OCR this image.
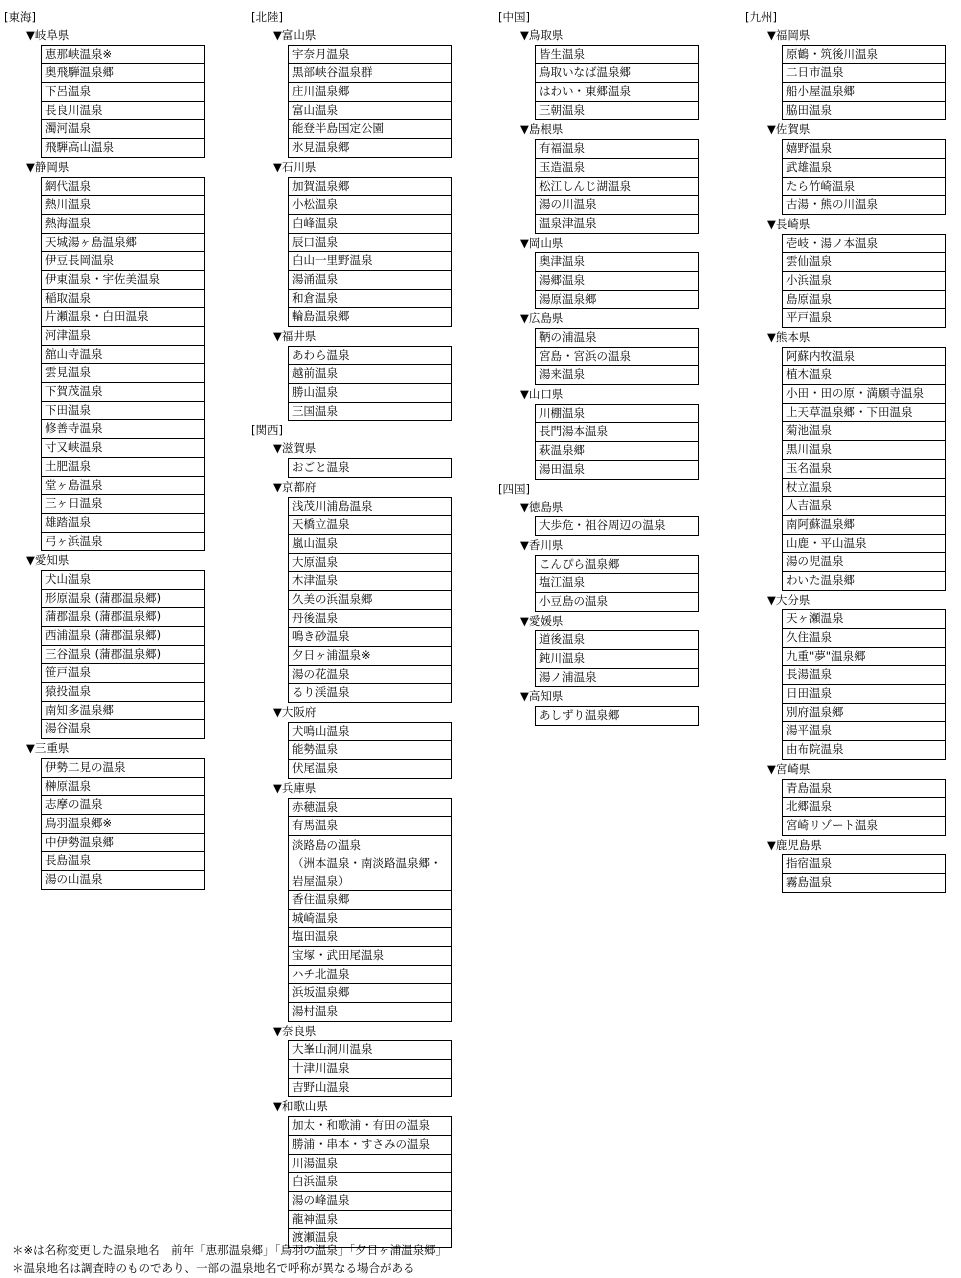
[東海]
▼岐阜県
恵那峡温泉※
奥飛騨温泉郷
下呂温泉
長良川温泉
濁河温泉
飛騨高山温泉
▼静岡県
網代温泉
熱川温泉
熱海温泉
天城湯ヶ島温泉郷
伊豆長岡温泉
伊東温泉・宇佐美温泉
稲取温泉
片瀬温泉・白田温泉
河津温泉
舘山寺温泉
雲見温泉
下賀茂温泉
下田温泉
修善寺温泉
寸又峡温泉
土肥温泉
堂ヶ島温泉
三ヶ日温泉
雄踏温泉
弓ヶ浜温泉
▼愛知県
犬山温泉
形原温泉 (蒲郡温泉郷)
蒲郡温泉 (蒲郡温泉郷)
西浦温泉 (蒲郡温泉郷)
三谷温泉 (蒲郡温泉郷)
笹戸温泉
猿投温泉
南知多温泉郷
湯谷温泉
▼三重県
伊勢二見の温泉
榊原温泉
志摩の温泉
鳥羽温泉郷※
中伊勢温泉郷
長島温泉
湯の山温泉
[北陸]
▼富山県
宇奈月温泉
黒部峡谷温泉群
庄川温泉郷
富山温泉
能登半島国定公園
氷見温泉郷
▼石川県
加賀温泉郷
小松温泉
白峰温泉
辰口温泉
白山一里野温泉
湯涌温泉
和倉温泉
輪島温泉郷
▼福井県
あわら温泉
越前温泉
勝山温泉
三国温泉
[関西]
▼滋賀県
おごと温泉
▼京都府
浅茂川浦島温泉
天橋立温泉
嵐山温泉
大原温泉
木津温泉
久美の浜温泉郷
丹後温泉
鳴き砂温泉
夕日ヶ浦温泉※
湯の花温泉
るり渓温泉
▼大阪府
犬鳴山温泉
能勢温泉
伏尾温泉
▼兵庫県
赤穂温泉
有馬温泉
淡路島の温泉
（洲本温泉・南淡路温泉郷・
岩屋温泉）
香住温泉郷
城崎温泉
塩田温泉
宝塚・武田尾温泉
ハチ北温泉
浜坂温泉郷
湯村温泉
▼奈良県
大峯山洞川温泉
十津川温泉
吉野山温泉
▼和歌山県
加太・和歌浦・有田の温泉
勝浦・串本・すさみの温泉
川湯温泉
白浜温泉
湯の峰温泉
龍神温泉
渡瀬温泉
[中国]
▼鳥取県
皆生温泉
鳥取いなば温泉郷
はわい・東郷温泉
三朝温泉
▼島根県
有福温泉
玉造温泉
松江しんじ湖温泉
湯の川温泉
温泉津温泉
▼岡山県
奥津温泉
湯郷温泉
湯原温泉郷
▼広島県
鞆の浦温泉
宮島・宮浜の温泉
湯来温泉
▼山口県
川棚温泉
長門湯本温泉
萩温泉郷
湯田温泉
[四国]
▼徳島県
大歩危・祖谷周辺の温泉
▼香川県
こんぴら温泉郷
塩江温泉
小豆島の温泉
▼愛媛県
道後温泉
鈍川温泉
湯ノ浦温泉
▼高知県
あしずり温泉郷
[九州]
▼福岡県
原鶴・筑後川温泉
二日市温泉
船小屋温泉郷
脇田温泉
▼佐賀県
嬉野温泉
武雄温泉
たら竹崎温泉
古湯・熊の川温泉
▼長崎県
壱岐・湯ノ本温泉
雲仙温泉
小浜温泉
島原温泉
平戸温泉
▼熊本県
阿蘇内牧温泉
植木温泉
小田・田の原・満願寺温泉
上天草温泉郷・下田温泉
菊池温泉
黒川温泉
玉名温泉
杖立温泉
人吉温泉
南阿蘇温泉郷
山鹿・平山温泉
湯の児温泉
わいた温泉郷
▼大分県
天ヶ瀬温泉
久住温泉
九重"夢"温泉郷
長湯温泉
日田温泉
別府温泉郷
湯平温泉
由布院温泉
▼宮崎県
青島温泉
北郷温泉
宮崎リゾート温泉
▼鹿児島県
指宿温泉
霧島温泉
＊※は名称変更した温泉地名　前年「恵那温泉郷」「鳥羽の温泉」「夕日ヶ浦温泉郷」
＊温泉地名は調査時のものであり、一部の温泉地名で呼称が異なる場合がある
